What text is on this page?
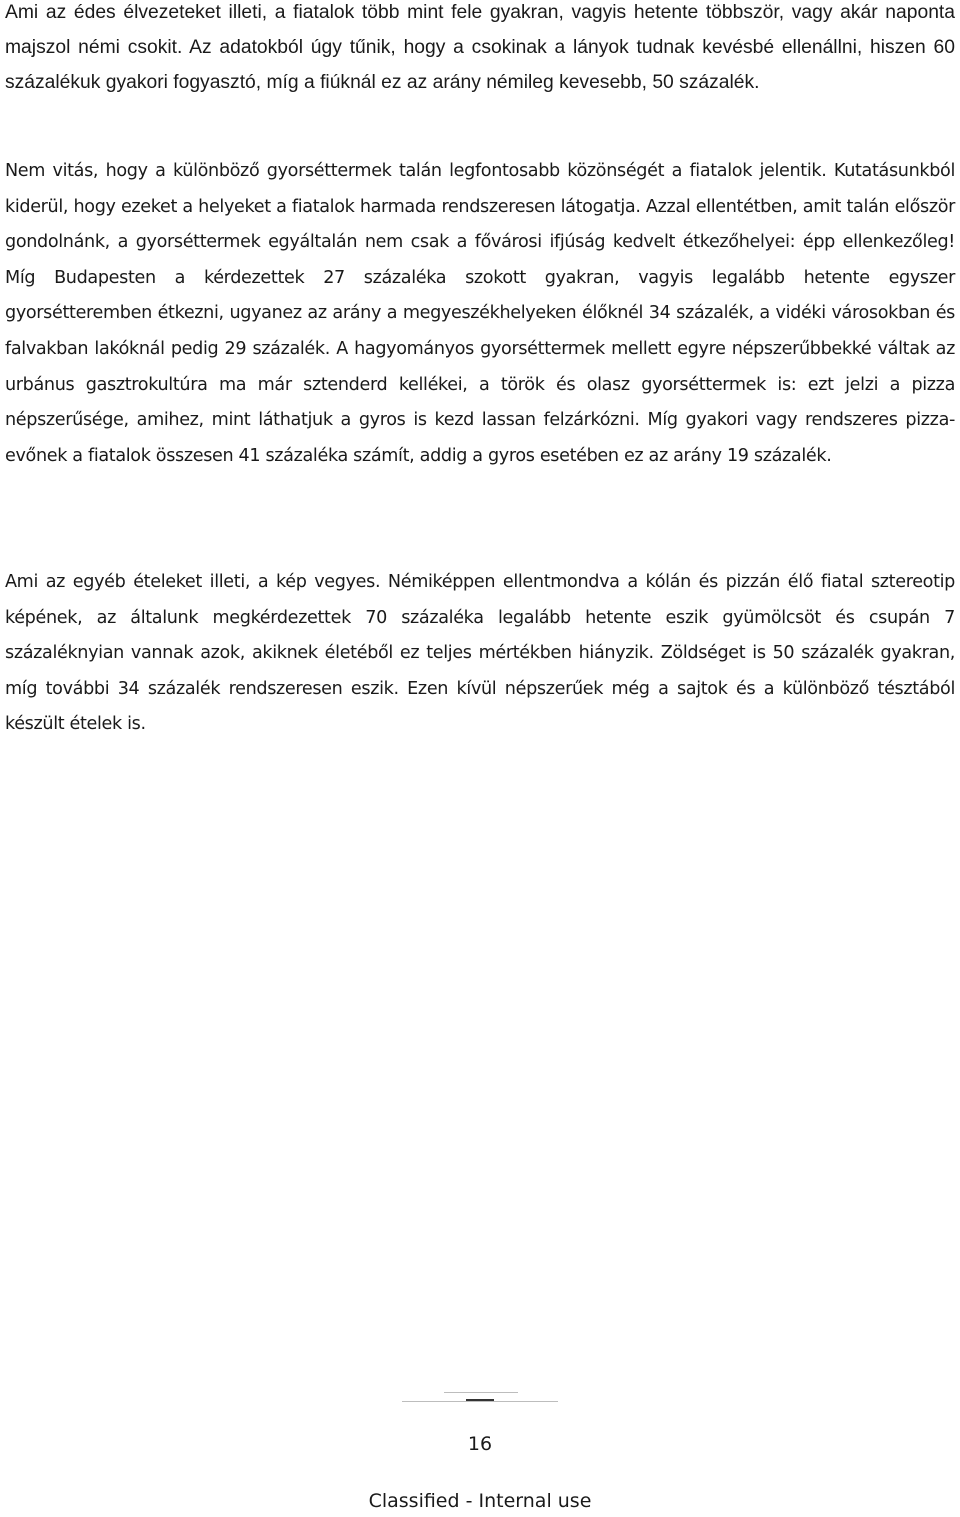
Ami az édes élvezeteket illeti, a fiatalok több mint fele gyakran, vagyis hetente többször, vagy akár naponta majszol némi csokit. Az adatokból úgy tűnik, hogy a csokinak a lányok tudnak kevésbé ellenállni, hiszen 60 százalékuk gyakori fogyasztó, míg a fiúknál ez az arány némileg kevesebb, 50 százalék.

Nem vitás, hogy a különböző gyorséttermek talán legfontosabb közönségét a fiatalok jelentik. Kutatásunkból kiderül, hogy ezeket a helyeket a fiatalok harmada rendszeresen látogatja. Azzal ellentétben, amit talán először gondolnánk, a gyorséttermek egyáltalán nem csak a fővárosi ifjúság kedvelt étkezőhelyei: épp ellenkezőleg! Míg Budapesten a kérdezettek 27 százaléka szokott gyakran, vagyis legalább hetente egyszer gyorsétteremben étkezni, ugyanez az arány a megyeszékhelyeken élőknél 34 százalék, a vidéki városokban és falvakban lakóknál pedig 29 százalék. A hagyományos gyorséttermek mellett egyre népszerűbbekké váltak az urbánus gasztrokultúra ma már sztenderd kellékei, a török és olasz gyorséttermek is: ezt jelzi a pizza népszerűsége, amihez, mint láthatjuk a gyros is kezd lassan felzárkózni. Míg gyakori vagy rendszeres pizza-evőnek a fiatalok összesen 41 százaléka számít, addig a gyros esetében ez az arány 19 százalék.

Ami az egyéb ételeket illeti, a kép vegyes. Némiképpen ellentmondva a kólán és pizzán élő fiatal sztereotip képének, az általunk megkérdezettek 70 százaléka legalább hetente eszik gyümölcsöt és csupán 7 százaléknyian vannak azok, akiknek életéből ez teljes mértékben hiányzik. Zöldséget is 50 százalék gyakran, míg további 34 százalék rendszeresen eszik. Ezen kívül népszerűek még a sajtok és a különböző tésztából készült ételek is.

16
Classified - Internal use
